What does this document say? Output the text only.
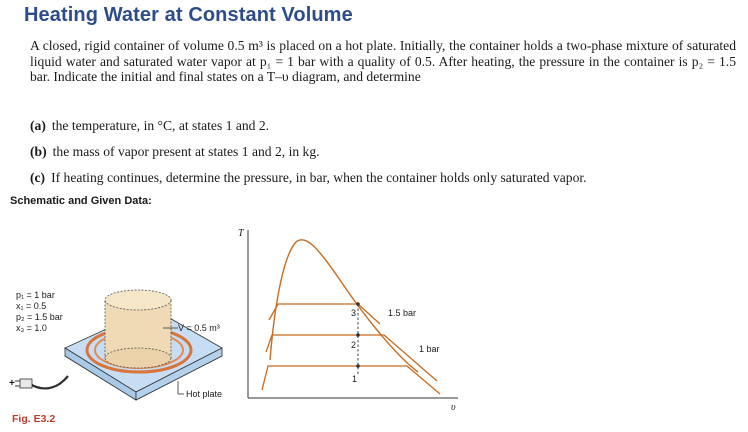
Heating Water at Constant Volume
A closed, rigid container of volume 0.5 m³ is placed on a hot plate. Initially, the container holds a two-phase mixture of saturated liquid water and saturated water vapor at p₁ = 1 bar with a quality of 0.5. After heating, the pressure in the container is p₂ = 1.5 bar. Indicate the initial and final states on a T–υ diagram, and determine
(a) the temperature, in °C, at states 1 and 2.
(b) the mass of vapor present at states 1 and 2, in kg.
(c) If heating continues, determine the pressure, in bar, when the container holds only saturated vapor.
Schematic and Given Data:
p₁ = 1 bar
x₁ = 0.5
p₂ = 1.5 bar
x₃ = 1.0	V = 0.5 m³
Hot plate
+
T
υ
1
2
3	1.5 bar
1 bar
Fig. E3.2
